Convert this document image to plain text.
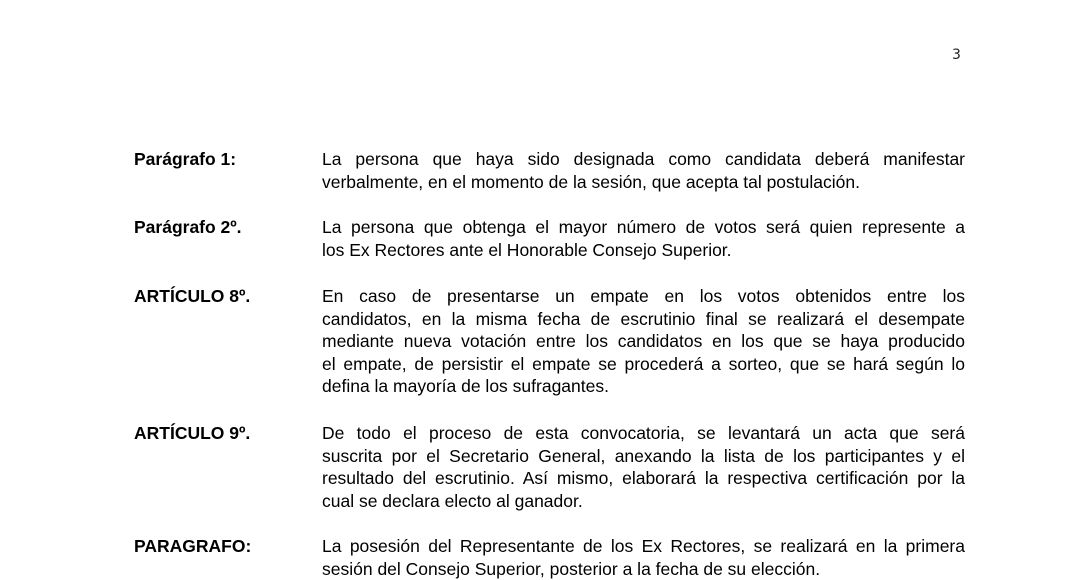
3
Parágrafo 1:	La persona que haya sido designada como candidata deberá manifestar
verbalmente, en el momento de la sesión, que acepta tal postulación.
Parágrafo 2º.	La persona que obtenga el mayor número de votos será quien represente a
los Ex Rectores ante el Honorable Consejo Superior.
ARTÍCULO 8º.	En caso de presentarse un empate en los votos obtenidos entre los
candidatos, en la misma fecha de escrutinio final se realizará el desempate
mediante nueva votación entre los candidatos en los que se haya producido
el empate, de persistir el empate se procederá a sorteo, que se hará según lo
defina la mayoría de los sufragantes.
ARTÍCULO 9º.	De todo el proceso de esta convocatoria, se levantará un acta que será
suscrita por el Secretario General, anexando la lista de los participantes y el
resultado del escrutinio. Así mismo, elaborará la respectiva certificación por la
cual se declara electo al ganador.
PARAGRAFO:	La posesión del Representante de los Ex Rectores, se realizará en la primera
sesión del Consejo Superior, posterior a la fecha de su elección.
